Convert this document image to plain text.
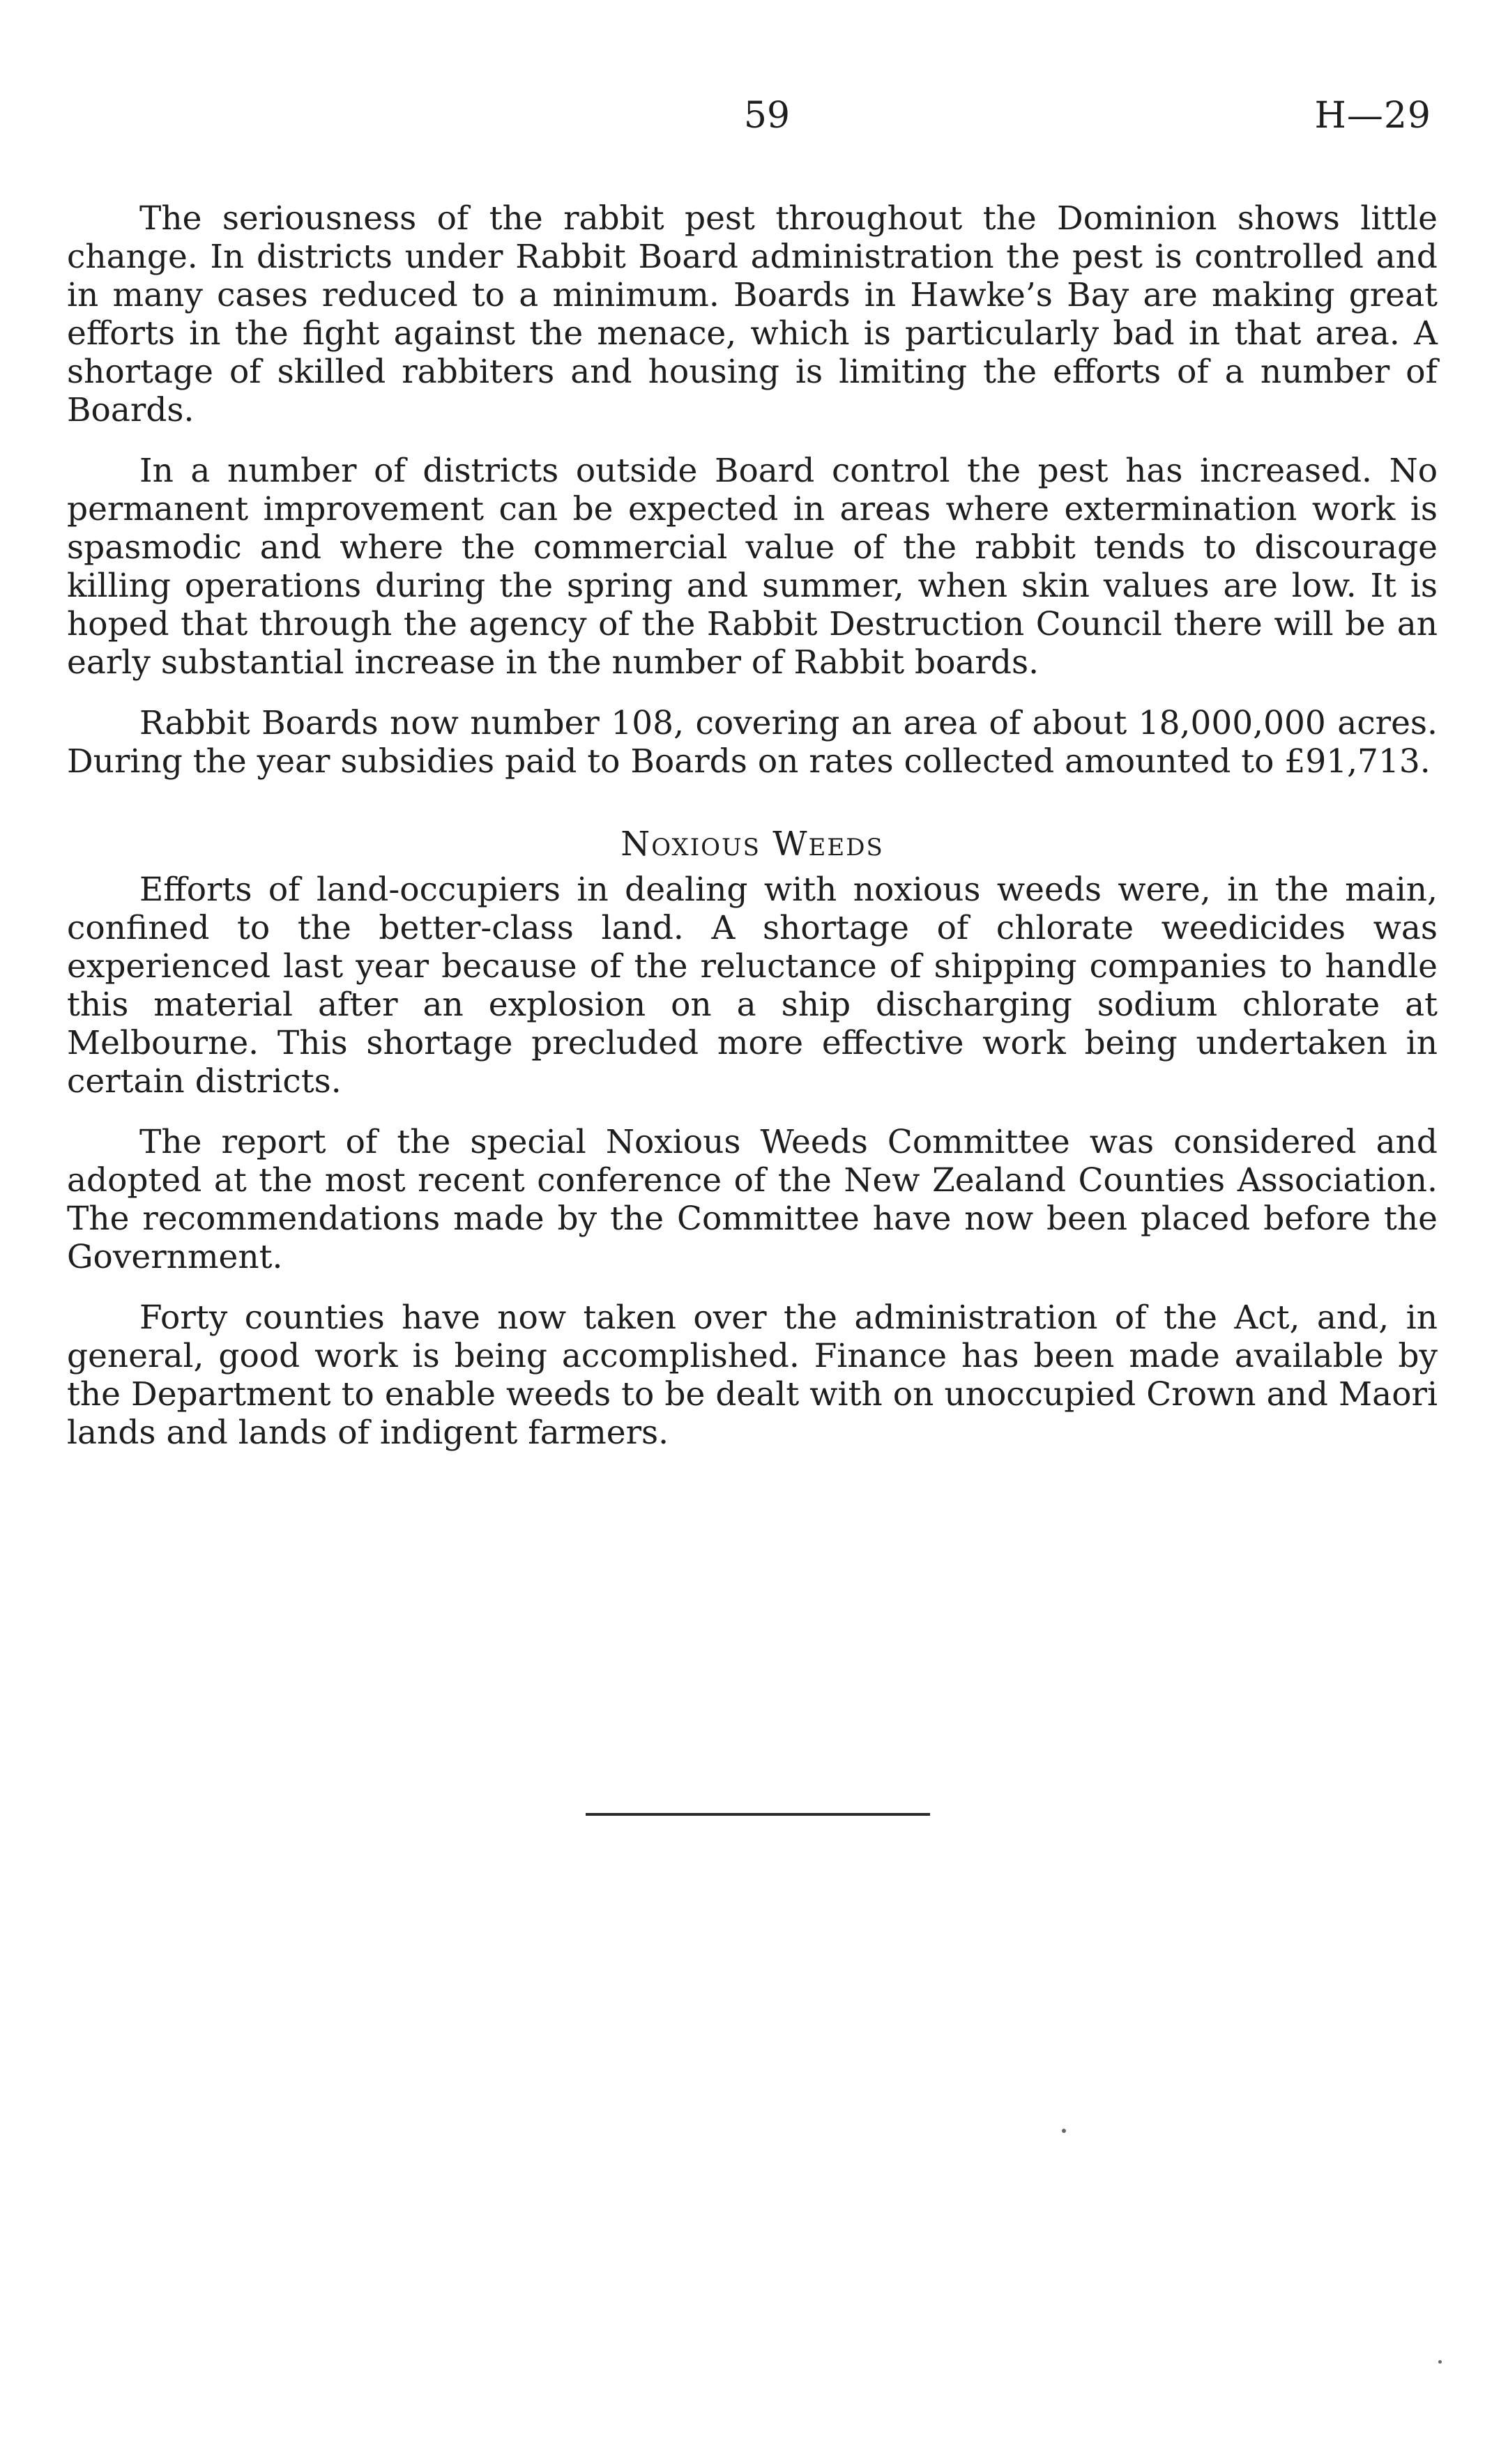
59	H—29

The seriousness of the rabbit pest throughout the Dominion shows little change. In districts under Rabbit Board administration the pest is controlled and in many cases reduced to a minimum. Boards in Hawke’s Bay are making great efforts in the fight against the menace, which is particularly bad in that area. A shortage of skilled rabbiters and housing is limiting the efforts of a number of Boards.

In a number of districts outside Board control the pest has increased. No permanent improvement can be expected in areas where extermination work is spasmodic and where the commercial value of the rabbit tends to discourage killing operations during the spring and summer, when skin values are low. It is hoped that through the agency of the Rabbit Destruction Council there will be an early substantial increase in the number of Rabbit boards.

Rabbit Boards now number 108, covering an area of about 18,000,000 acres. During the year subsidies paid to Boards on rates collected amounted to £91,713.

Noxious Weeds

Efforts of land-occupiers in dealing with noxious weeds were, in the main, confined to the better-class land. A shortage of chlorate weedicides was experienced last year because of the reluctance of shipping companies to handle this material after an explosion on a ship discharging sodium chlorate at Melbourne. This shortage precluded more effective work being undertaken in certain districts.

The report of the special Noxious Weeds Committee was considered and adopted at the most recent conference of the New Zealand Counties Association. The recommendations made by the Committee have now been placed before the Government.

Forty counties have now taken over the administration of the Act, and, in general, good work is being accomplished. Finance has been made available by the Department to enable weeds to be dealt with on unoccupied Crown and Maori lands and lands of indigent farmers.
